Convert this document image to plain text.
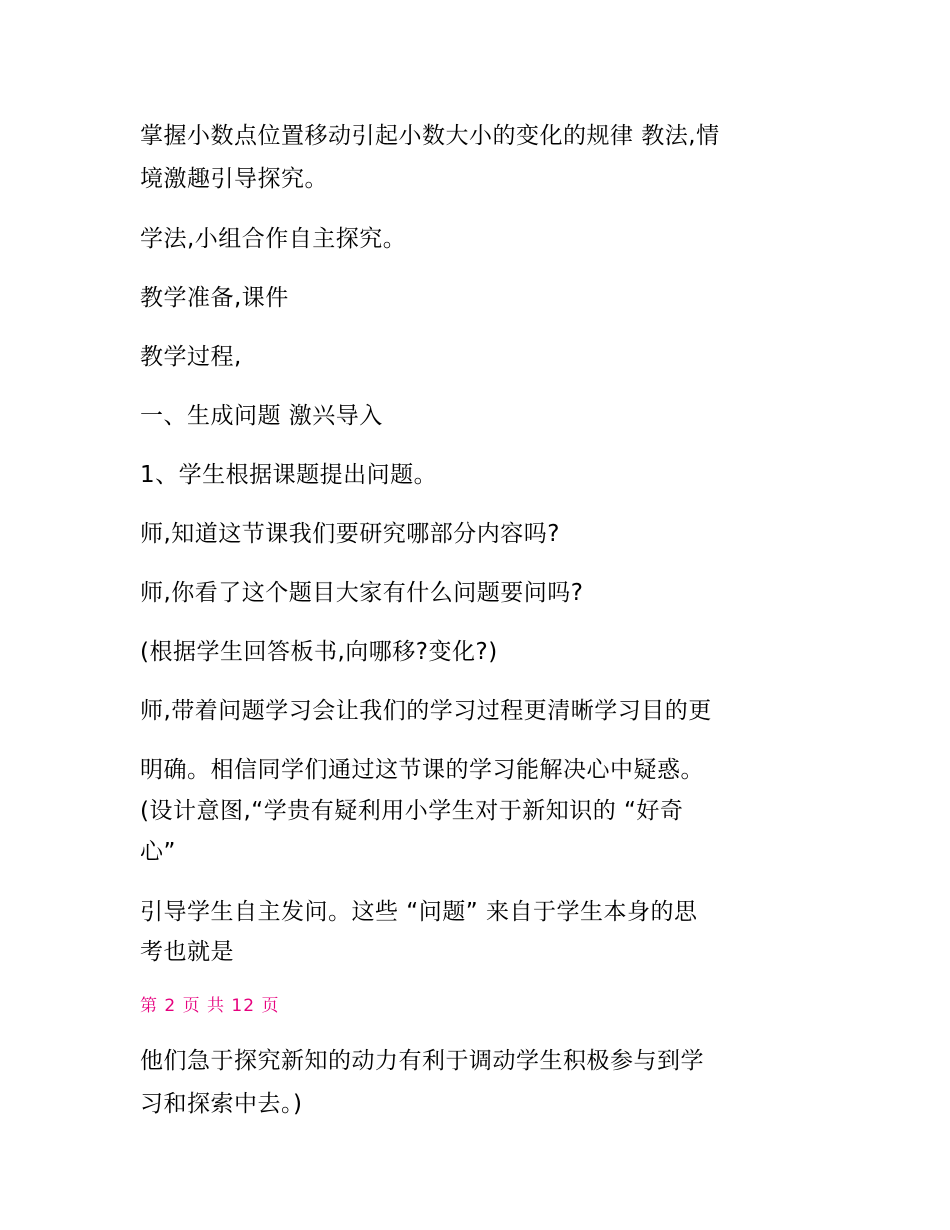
掌握小数点位置移动引起小数大小的变化的规律 教法,情
境激趣引导探究。
学法,小组合作自主探究。
教学准备,课件
教学过程,
一、生成问题 激兴导入
1、学生根据课题提出问题。
师,知道这节课我们要研究哪部分内容吗?
师,你看了这个题目大家有什么问题要问吗?
(根据学生回答板书,向哪移?变化?)
师,带着问题学习会让我们的学习过程更清晰学习目的更
明确。相信同学们通过这节课的学习能解决心中疑惑。
(设计意图,“学贵有疑利用小学生对于新知识的 “好奇
心”
引导学生自主发问。这些 “问题” 来自于学生本身的思
考也就是
第 2 页 共 12 页
他们急于探究新知的动力有利于调动学生积极参与到学
习和探索中去。)
